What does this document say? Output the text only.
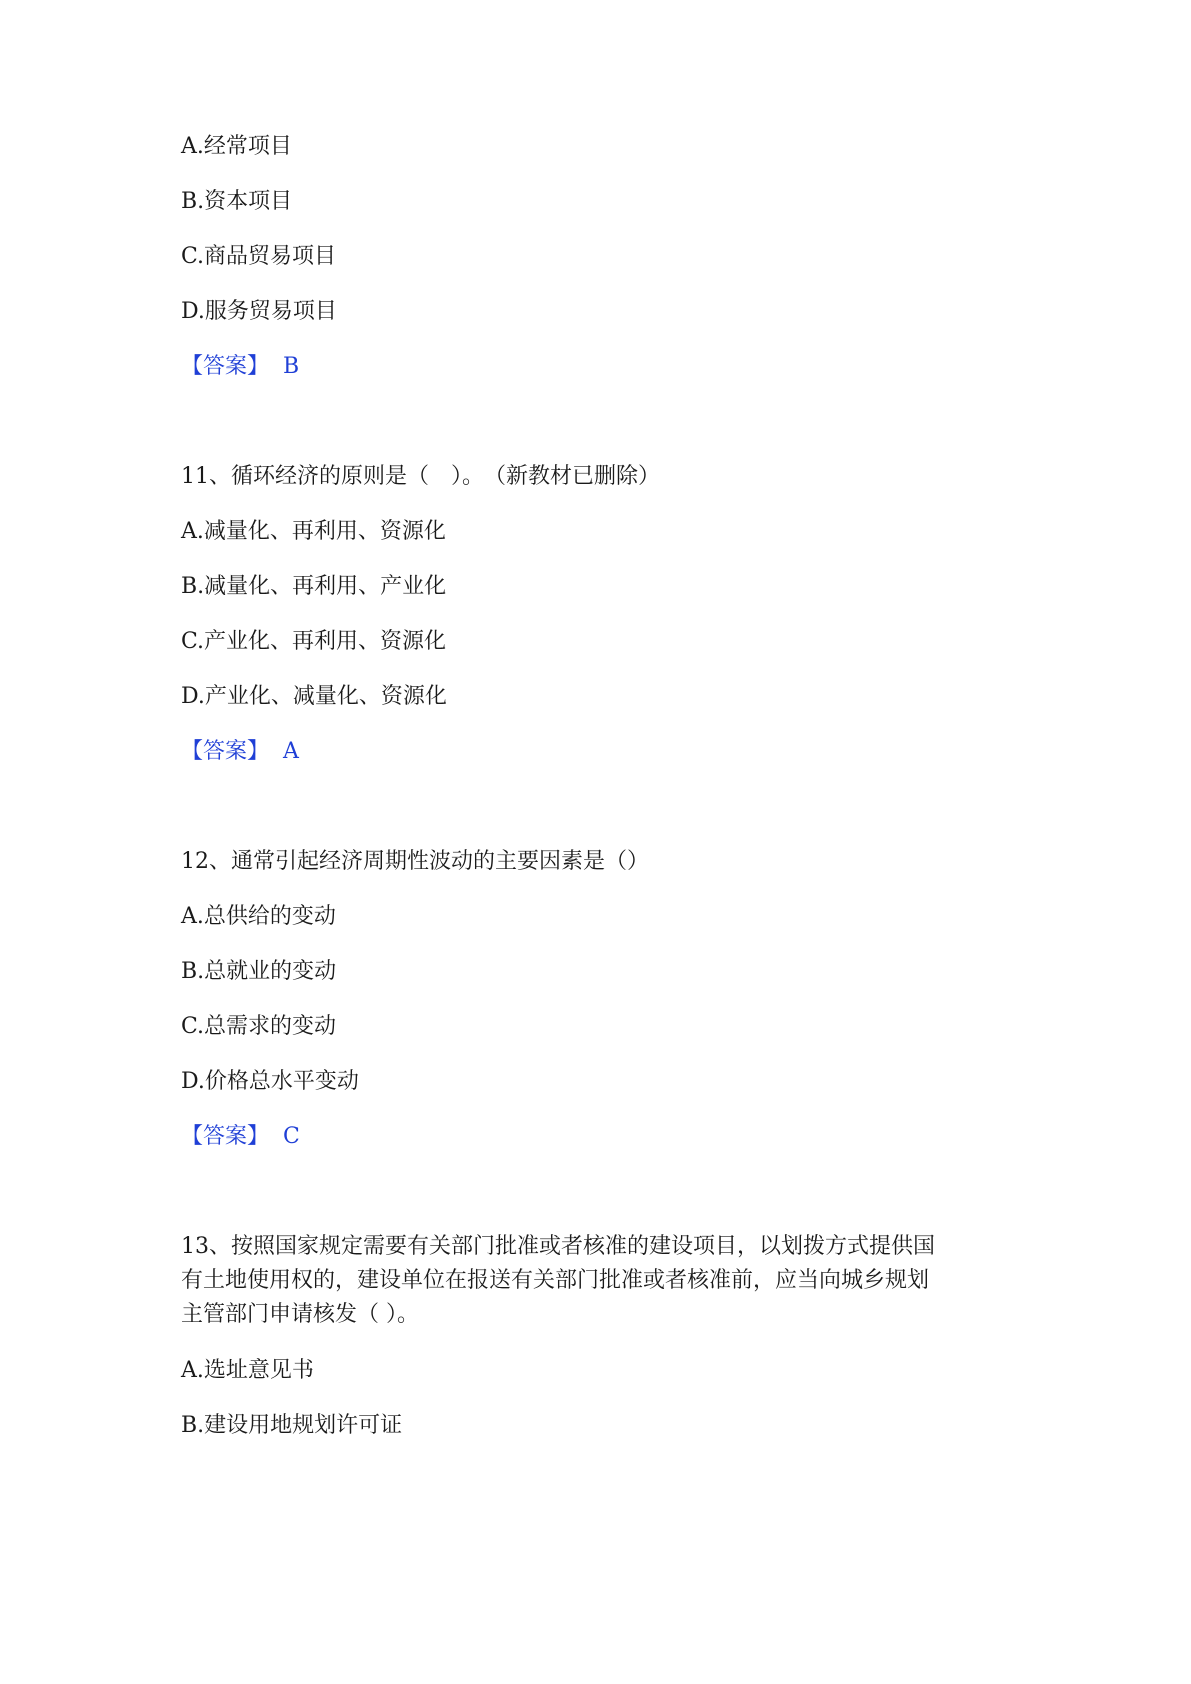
A.经常项目
B.资本项目
C.商品贸易项目
D.服务贸易项目
【答案】 B
11、循环经济的原则是（　）。　（新教材已删除）
A.减量化、再利用、资源化
B.减量化、再利用、产业化
C.产业化、再利用、资源化
D.产业化、减量化、资源化
【答案】 A
12、通常引起经济周期性波动的主要因素是（）
A.总供给的变动
B.总就业的变动
C.总需求的变动
D.价格总水平变动
【答案】 C
13、按照国家规定需要有关部门批准或者核准的建设项目，以划拨方式提供国
有土地使用权的，建设单位在报送有关部门批准或者核准前，应当向城乡规划
主管部门申请核发（ ）。
A.选址意见书
B.建设用地规划许可证
